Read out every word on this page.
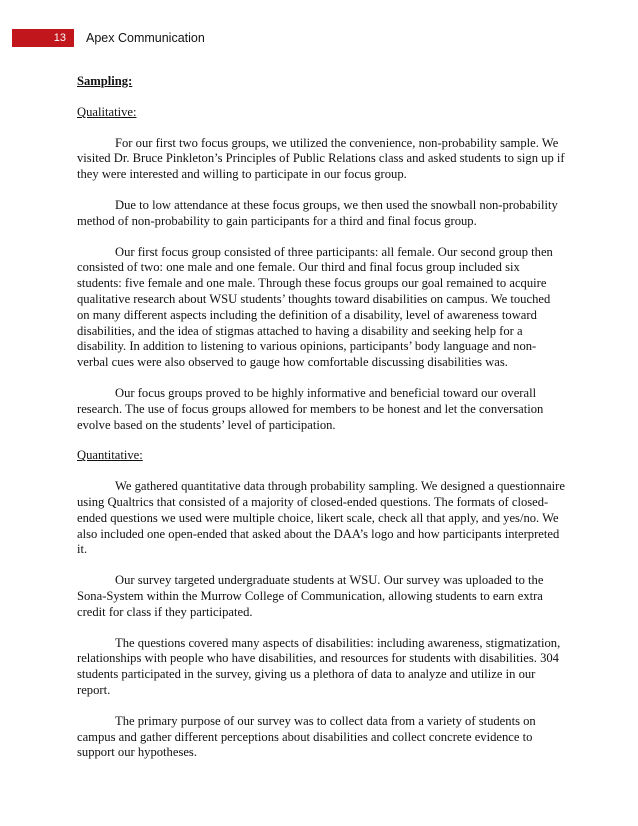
13	Apex Communication

Sampling:

Qualitative:

For our first two focus groups, we utilized the convenience, non-probability sample. We visited Dr. Bruce Pinkleton’s Principles of Public Relations class and asked students to sign up if they were interested and willing to participate in our focus group.

Due to low attendance at these focus groups, we then used the snowball non-probability method of non-probability to gain participants for a third and final focus group.

Our first focus group consisted of three participants: all female. Our second group then consisted of two: one male and one female. Our third and final focus group included six students: five female and one male. Through these focus groups our goal remained to acquire qualitative research about WSU students’ thoughts toward disabilities on campus. We touched on many different aspects including the definition of a disability, level of awareness toward disabilities, and the idea of stigmas attached to having a disability and seeking help for a disability. In addition to listening to various opinions, participants’ body language and non-verbal cues were also observed to gauge how comfortable discussing disabilities was.

Our focus groups proved to be highly informative and beneficial toward our overall research. The use of focus groups allowed for members to be honest and let the conversation evolve based on the students’ level of participation.

Quantitative:

We gathered quantitative data through probability sampling. We designed a questionnaire using Qualtrics that consisted of a majority of closed-ended questions. The formats of closed-ended questions we used were multiple choice, likert scale, check all that apply, and yes/no. We also included one open-ended that asked about the DAA’s logo and how participants interpreted it.

Our survey targeted undergraduate students at WSU. Our survey was uploaded to the Sona-System within the Murrow College of Communication, allowing students to earn extra credit for class if they participated.

The questions covered many aspects of disabilities: including awareness, stigmatization, relationships with people who have disabilities, and resources for students with disabilities. 304 students participated in the survey, giving us a plethora of data to analyze and utilize in our report.

The primary purpose of our survey was to collect data from a variety of students on campus and gather different perceptions about disabilities and collect concrete evidence to support our hypotheses.
